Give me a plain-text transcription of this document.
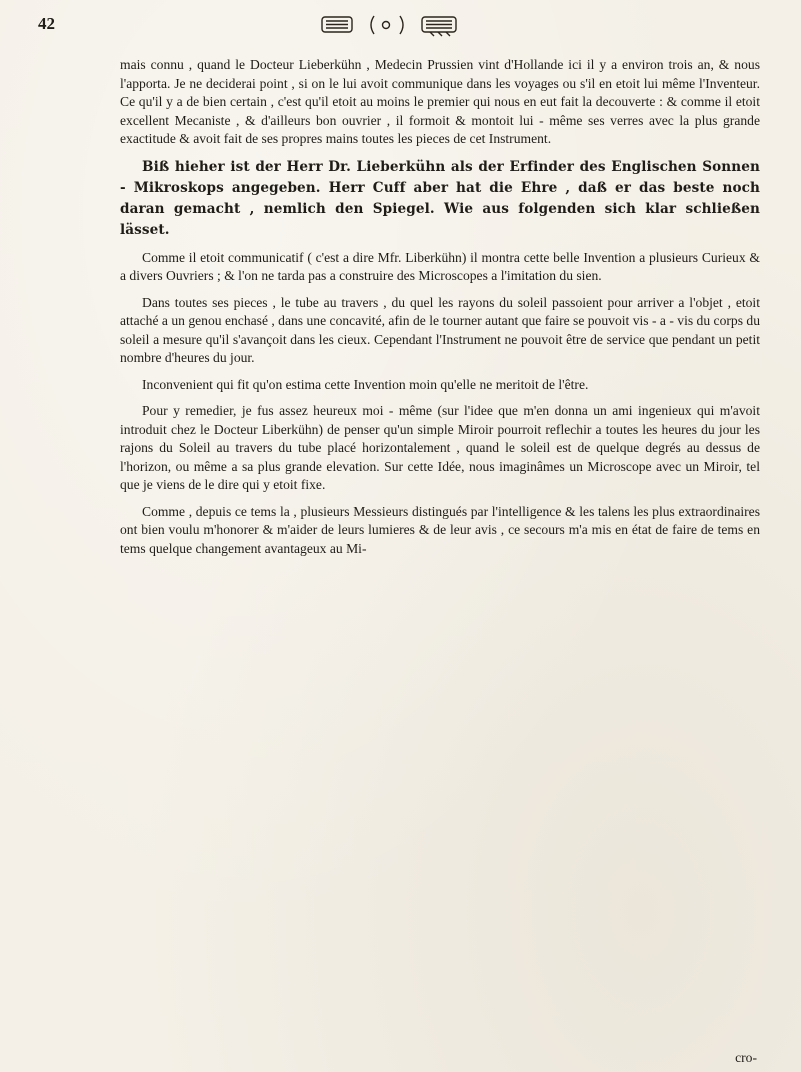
42

mais connu , quand le Docteur Lieberkühn , Medecin Prussien vint d'Hollande ici il y a environ trois an, & nous l'apporta. Je ne deciderai point , si on le lui avoit communique dans les voyages ou s'il en etoit lui même l'Inventeur. Ce qu'il y a de bien certain , c'est qu'il etoit au moins le premier qui nous en eut fait la decouverte : & comme il etoit excellent Mecaniste , & d'ailleurs bon ouvrier , il formoit & montoit lui - même ses verres avec la plus grande exactitude & avoit fait de ses propres mains toutes les pieces de cet Instrument.

Biß hieher ist der Herr Dr. Lieberkühn als der Erfinder des Englischen Sonnen - Mikroskops angegeben. Herr Cuff aber hat die Ehre , daß er das beste noch daran gemacht , nemlich den Spiegel. Wie aus folgenden sich klar schließen lässet.

Comme il etoit communicatif ( c'est a dire Mfr. Liberkühn) il montra cette belle Invention a plusieurs Curieux & a divers Ouvriers ; & l'on ne tarda pas a construire des Microscopes a l'imitation du sien.

Dans toutes ses pieces , le tube au travers , du quel les rayons du soleil passoient pour arriver a l'objet , etoit attaché a un genou enchasé , dans une concavité, afin de le tourner autant que faire se pouvoit vis - a - vis du corps du soleil a mesure qu'il s'avançoit dans les cieux. Cependant l'Instrument ne pouvoit être de service que pendant un petit nombre d'heures du jour.

Inconvenient qui fit qu'on estima cette Invention moin qu'elle ne meritoit de l'être.

Pour y remedier, je fus assez heureux moi - même (sur l'idee que m'en donna un ami ingenieux qui m'avoit introduit chez le Docteur Liberkühn) de penser qu'un simple Miroir pourroit reflechir a toutes les heures du jour les rajons du Soleil au travers du tube placé horizontalement , quand le soleil est de quelque degrés au dessus de l'horizon, ou même a sa plus grande elevation. Sur cette Idée, nous imaginâmes un Microscope avec un Miroir, tel que je viens de le dire qui y etoit fixe.

Comme , depuis ce tems la , plusieurs Messieurs distingués par l'intelligence & les talens les plus extraordinaires ont bien voulu m'honorer & m'aider de leurs lumieres & de leur avis , ce secours m'a mis en état de faire de tems en tems quelque changement avantageux au Mi-

cro-
